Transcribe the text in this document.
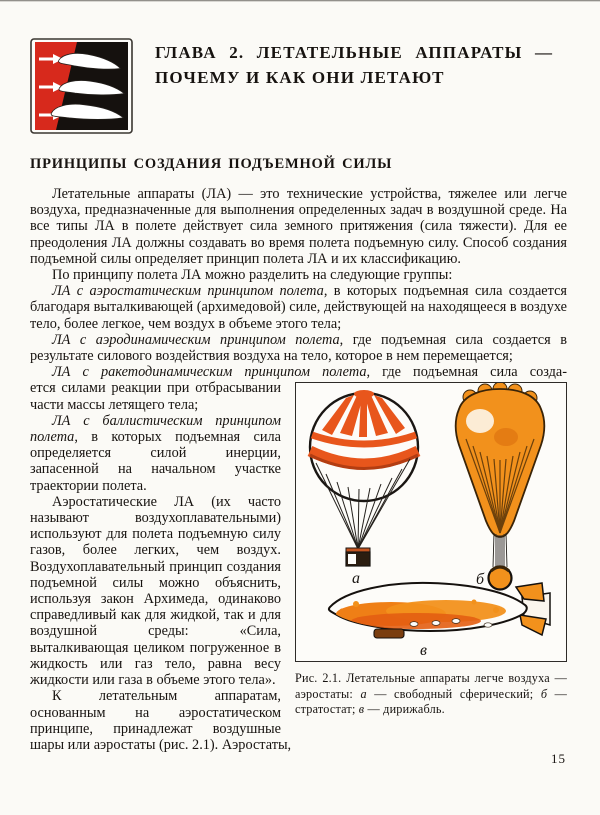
ГЛАВА 2. ЛЕТАТЕЛЬНЫЕ АППАРАТЫ —
ПОЧЕМУ И КАК ОНИ ЛЕТАЮТ
ПРИНЦИПЫ СОЗДАНИЯ ПОДЪЕМНОЙ СИЛЫ

Летательные аппараты (ЛА) — это технические устройства, тяжелее или легче воздуха, предназначенные для выполнения определенных задач в воздушной среде. На все типы ЛА в полете действует сила земного притяжения (сила тяжести). Для ее преодоления ЛА должны создавать во время полета подъемную силу. Способ создания подъемной силы определяет принцип полета ЛА и их классификацию.

По принципу полета ЛА можно разделить на следующие группы:

ЛА с аэростатическим принципом полета, в которых подъемная сила создается благодаря выталкивающей (архимедовой) силе, действующей на находящееся в воздухе тело, более легкое, чем воздух в объеме этого тела;

ЛА с аэродинамическим принципом полета, где подъемная сила создается в результате силового воздействия воздуха на тело, которое в нем перемещается;

ЛА с ракетодинамическим принципом полета, где подъемная сила созда-

а	б
в
Рис. 2.1. Летательные аппараты легче воздуха — аэростаты: а — свободный сферический; б — стратостат; в — дирижабль.

ется силами реакции при отбрасывании части массы летящего тела;

ЛА с баллистическим принципом полета, в которых подъемная сила определяется силой инерции, запасенной на начальном участке траектории полета.

Аэростатические ЛА (их часто называют воздухоплавательными) используют для полета подъемную силу газов, более легких, чем воздух. Воздухоплавательный принцип создания подъемной силы можно объяснить, используя закон Архимеда, одинаково справедливый как для жидкой, так и для воздушной среды: «Сила, выталкивающая целиком погруженное в жидкость или газ тело, равна весу жидкости или газа в объеме этого тела».

К летательным аппаратам, основанным на аэростатическом принципе, принадлежат воздушные шары или аэростаты (рис. 2.1). Аэростаты,

15
